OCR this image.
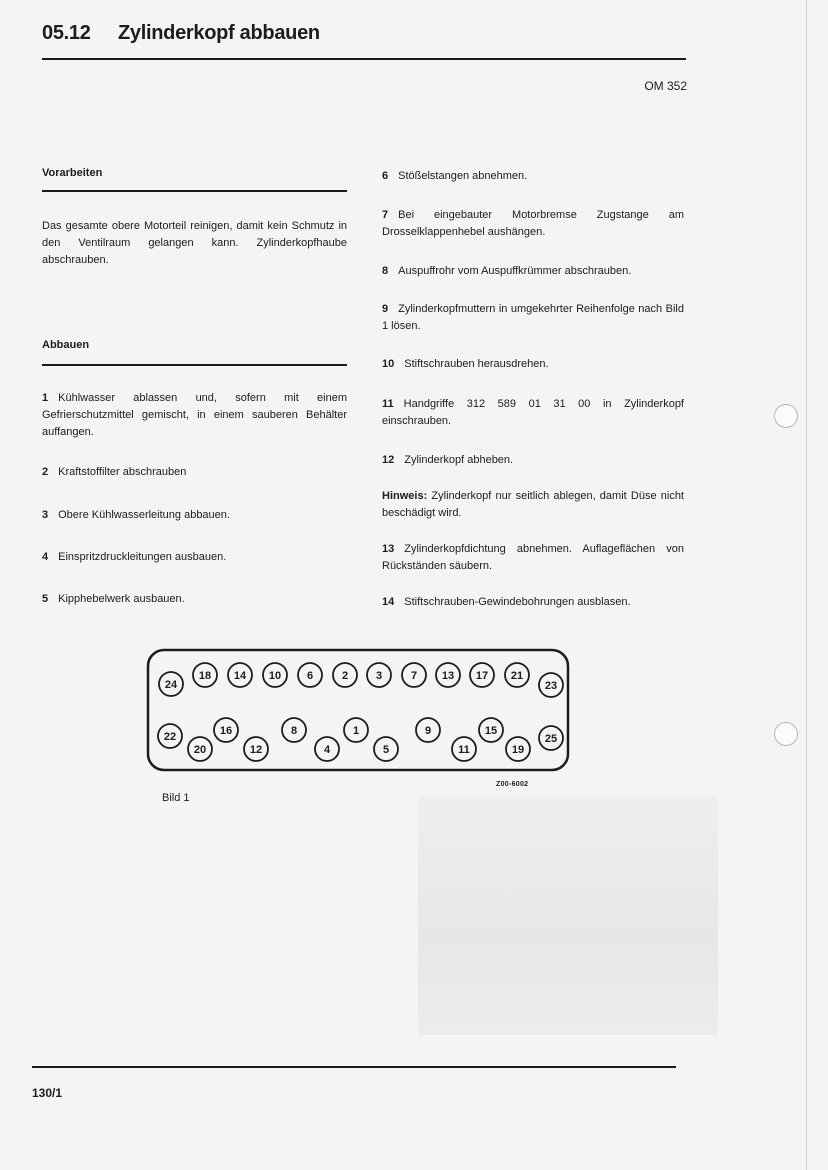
05.12 Zylinderkopf abbauen
OM 352
Vorarbeiten

Das gesamte obere Motorteil reinigen, damit kein Schmutz in den Ventilraum gelangen kann. Zylinderkopfhaube abschrauben.

Abbauen

1 Kühlwasser ablassen und, sofern mit einem Gefrierschutzmittel gemischt, in einem sauberen Behälter auffangen.

2 Kraftstoffilter abschrauben

3 Obere Kühlwasserleitung abbauen.

4 Einspritzdruckleitungen ausbauen.

5 Kipphebelwerk ausbauen.

6 Stößelstangen abnehmen.

7 Bei eingebauter Motorbremse Zugstange am Drosselklappenhebel aushängen.

8 Auspuffrohr vom Auspuffkrümmer abschrauben.

9 Zylinderkopfmuttern in umgekehrter Reihenfolge nach Bild 1 lösen.

10 Stiftschrauben herausdrehen.

11 Handgriffe 312 589 01 31 00 in Zylinderkopf einschrauben.

12 Zylinderkopf abheben.

Hinweis: Zylinderkopf nur seitlich ablegen, damit Düse nicht beschädigt wird.

13 Zylinderkopfdichtung abnehmen. Auflageflächen von Rückständen säubern.

14 Stiftschrauben-Gewindebohrungen ausblasen.

24
18 14 10 6	2	3	7 13 17 21
23
22
20
16
12
8
4
1
5
9
11
15
19
25
Z00-6002
Bild 1
130/1
